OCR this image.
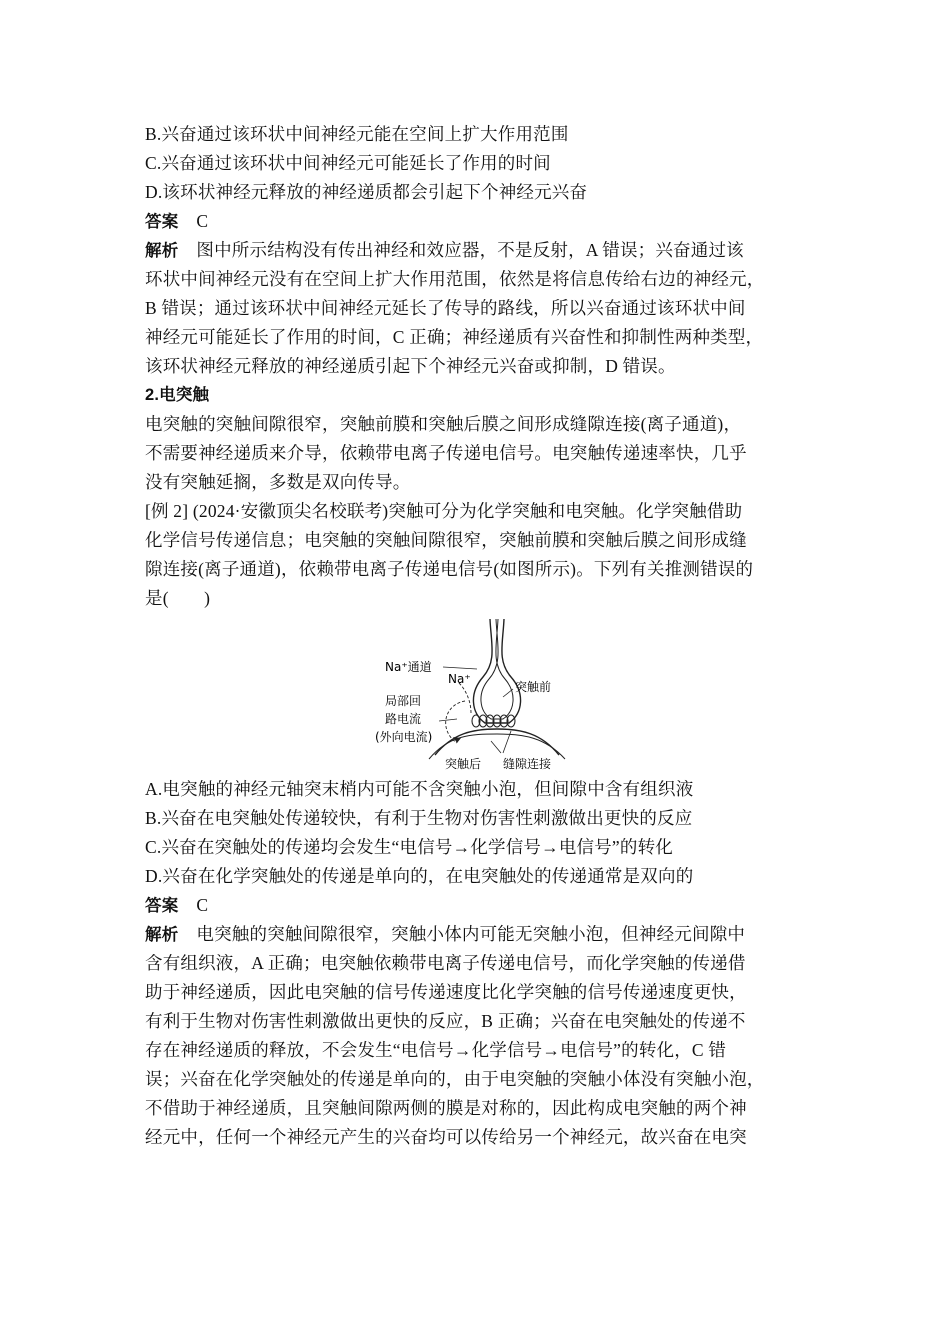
B.兴奋通过该环状中间神经元能在空间上扩大作用范围
C.兴奋通过该环状中间神经元可能延长了作用的时间
D.该环状神经元释放的神经递质都会引起下个神经元兴奋
答案 C
解析 图中所示结构没有传出神经和效应器，不是反射，A 错误；兴奋通过该
环状中间神经元没有在空间上扩大作用范围，依然是将信息传给右边的神经元，
B 错误；通过该环状中间神经元延长了传导的路线，所以兴奋通过该环状中间
神经元可能延长了作用的时间，C 正确；神经递质有兴奋性和抑制性两种类型，
该环状神经元释放的神经递质引起下个神经元兴奋或抑制，D 错误。
2.电突触
电突触的突触间隙很窄，突触前膜和突触后膜之间形成缝隙连接(离子通道)，
不需要神经递质来介导，依赖带电离子传递电信号。电突触传递速率快，几乎
没有突触延搁，多数是双向传导。
[例 2] (2024·安徽顶尖名校联考)突触可分为化学突触和电突触。化学突触借助
化学信号传递信息；电突触的突触间隙很窄，突触前膜和突触后膜之间形成缝
隙连接(离子通道)，依赖带电离子传递电信号(如图所示)。下列有关推测错误的
是(　　)
Na⁺通道
Na⁺
突触前
局部回
路电流
(外向电流)
突触后 缝隙连接
A.电突触的神经元轴突末梢内可能不含突触小泡，但间隙中含有组织液
B.兴奋在电突触处传递较快，有利于生物对伤害性刺激做出更快的反应
C.兴奋在突触处的传递均会发生“电信号→化学信号→电信号”的转化
D.兴奋在化学突触处的传递是单向的，在电突触处的传递通常是双向的
答案 C
解析 电突触的突触间隙很窄，突触小体内可能无突触小泡，但神经元间隙中
含有组织液，A 正确；电突触依赖带电离子传递电信号，而化学突触的传递借
助于神经递质，因此电突触的信号传递速度比化学突触的信号传递速度更快，
有利于生物对伤害性刺激做出更快的反应，B 正确；兴奋在电突触处的传递不
存在神经递质的释放，不会发生“电信号→化学信号→电信号”的转化，C 错
误；兴奋在化学突触处的传递是单向的，由于电突触的突触小体没有突触小泡，
不借助于神经递质，且突触间隙两侧的膜是对称的，因此构成电突触的两个神
经元中，任何一个神经元产生的兴奋均可以传给另一个神经元，故兴奋在电突
